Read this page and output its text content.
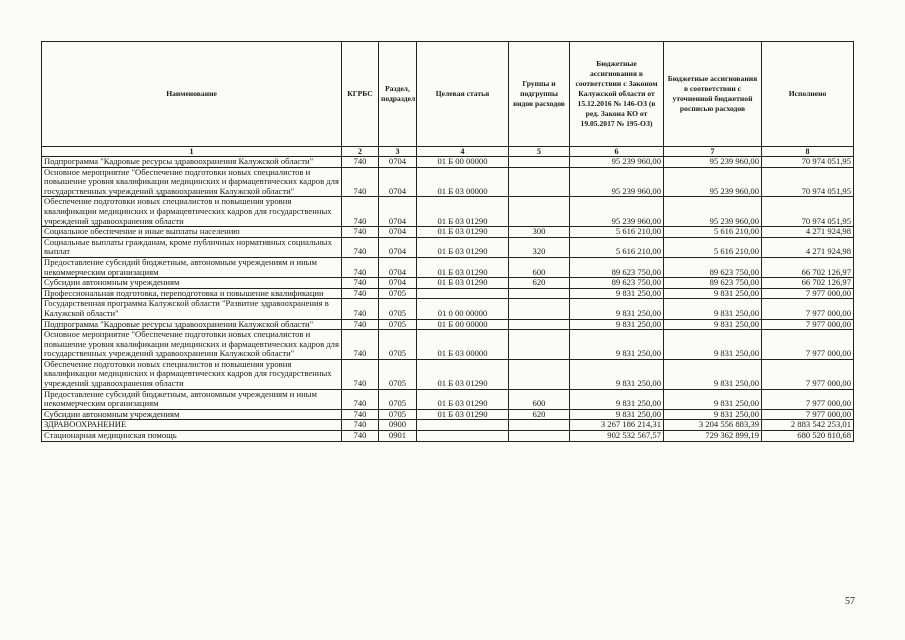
Наименование	КГРБС	Раздел, подраздел	Целевая статья	Группы и подгруппы видов расходов	Бюджетные ассигнования в соответствии с Законом Калужской области от 15.12.2016 № 146-ОЗ (в ред. Закона КО от 19.05.2017 № 195-ОЗ)	Бюджетные ассигнования в соответствии с уточненной бюджетной росписью расходов	Исполнено
1	2	3	4	5	6	7	8
Подпрограмма "Кадровые ресурсы здравоохранения Калужской области"	740	0704	01 Б 00 00000		95 239 960,00	95 239 960,00	70 974 051,95
Основное мероприятие "Обеспечение подготовки новых специалистов и повышение уровня квалификации медицинских и фармацевтических кадров для государственных учреждений здравоохранения Калужской области"	740	0704	01 Б 03 00000		95 239 960,00	95 239 960,00	70 974 051,95
Обеспечение подготовки новых специалистов и повышения уровня квалификации медицинских и фармацевтических кадров для государственных учреждений здравоохранения области	740	0704	01 Б 03 01290		95 239 960,00	95 239 960,00	70 974 051,95
Социальное обеспечение и иные выплаты населению	740	0704	01 Б 03 01290	300	5 616 210,00	5 616 210,00	4 271 924,98
Социальные выплаты гражданам, кроме публичных нормативных социальных выплат	740	0704	01 Б 03 01290	320	5 616 210,00	5 616 210,00	4 271 924,98
Предоставление субсидий бюджетным, автономным учреждениям и иным некоммерческим организациям	740	0704	01 Б 03 01290	600	89 623 750,00	89 623 750,00	66 702 126,97
Субсидии автономным учреждениям	740	0704	01 Б 03 01290	620	89 623 750,00	89 623 750,00	66 702 126,97
Профессиональная подготовка, переподготовка и повышение квалификации	740	0705			9 831 250,00	9 831 250,00	7 977 000,00
Государственная программа Калужской области "Развитие здравоохранения в Калужской области"	740	0705	01 0 00 00000		9 831 250,00	9 831 250,00	7 977 000,00
Подпрограмма "Кадровые ресурсы здравоохранения Калужской области"	740	0705	01 Б 00 00000		9 831 250,00	9 831 250,00	7 977 000,00
Основное мероприятие "Обеспечение подготовки новых специалистов и повышение уровня квалификации медицинских и фармацевтических кадров для государственных учреждений здравоохранения Калужской области"	740	0705	01 Б 03 00000		9 831 250,00	9 831 250,00	7 977 000,00
Обеспечение подготовки новых специалистов и повышения уровня квалификации медицинских и фармацевтических кадров для государственных учреждений здравоохранения области	740	0705	01 Б 03 01290		9 831 250,00	9 831 250,00	7 977 000,00
Предоставление субсидий бюджетным, автономным учреждениям и иным некоммерческим организациям	740	0705	01 Б 03 01290	600	9 831 250,00	9 831 250,00	7 977 000,00
Субсидии автономным учреждениям	740	0705	01 Б 03 01290	620	9 831 250,00	9 831 250,00	7 977 000,00
ЗДРАВООХРАНЕНИЕ	740	0900			3 267 186 214,31	3 204 556 883,39	2 883 542 253,01
Стационарная медицинская помощь	740	0901			902 532 567,57	729 362 899,19	680 520 810,68
57
